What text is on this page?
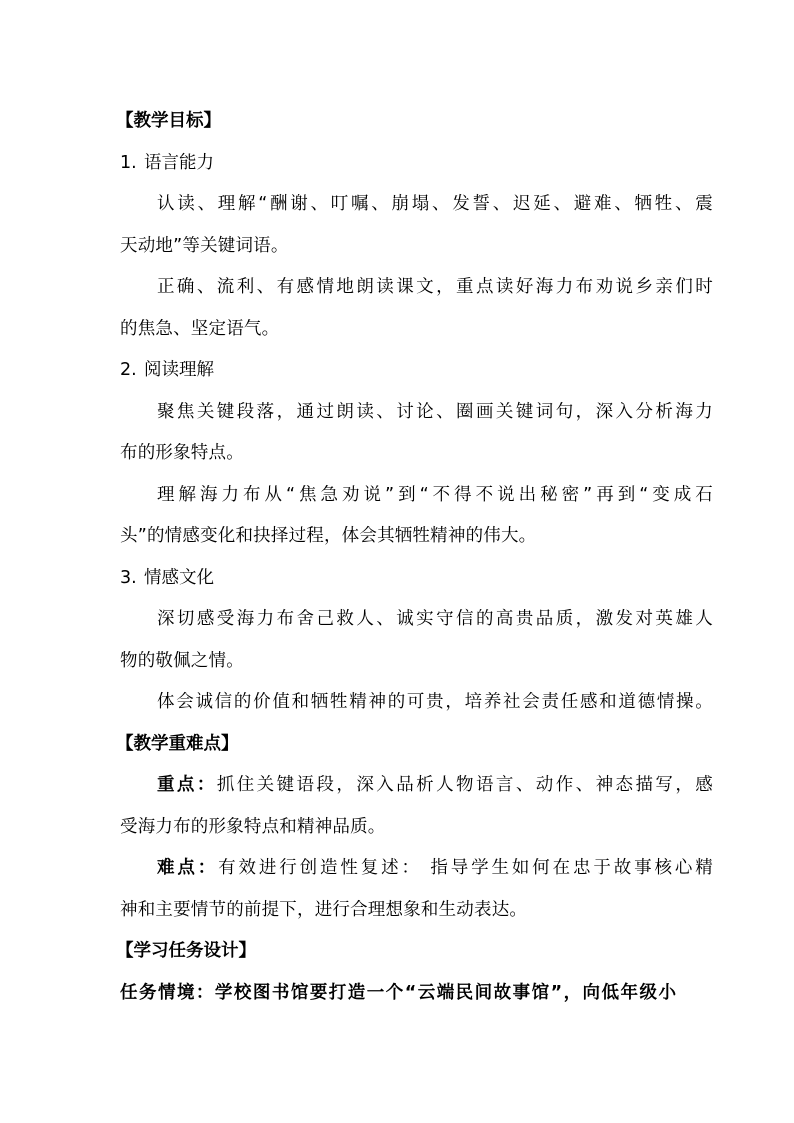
【教学目标】
1. 语言能力
认读、理解“酬谢、叮嘱、崩塌、发誓、迟延、避难、牺牲、震
天动地”等关键词语。
正确、流利、有感情地朗读课文，重点读好海力布劝说乡亲们时
的焦急、坚定语气。
2. 阅读理解
聚焦关键段落，通过朗读、讨论、圈画关键词句，深入分析海力
布的形象特点。
理解海力布从“焦急劝说”到“不得不说出秘密”再到“变成石
头”的情感变化和抉择过程，体会其牺牲精神的伟大。
3. 情感文化
深切感受海力布舍己救人、诚实守信的高贵品质，激发对英雄人
物的敬佩之情。
体会诚信的价值和牺牲精神的可贵，培养社会责任感和道德情操。
【教学重难点】
重点：抓住关键语段，深入品析人物语言、动作、神态描写，感
受海力布的形象特点和精神品质。
难点：有效进行创造性复述： 指导学生如何在忠于故事核心精
神和主要情节的前提下，进行合理想象和生动表达。
【学习任务设计】
任务情境：学校图书馆要打造一个“云端民间故事馆”，向低年级小
